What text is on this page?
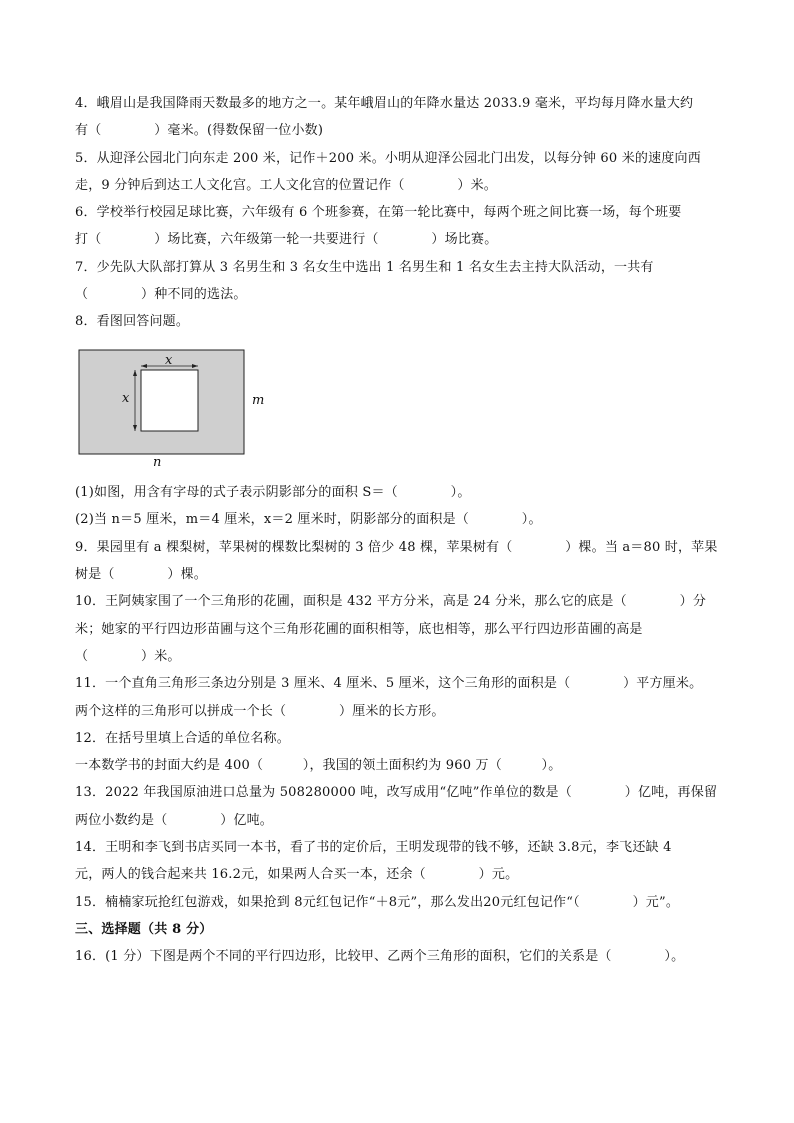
4．峨眉山是我国降雨天数最多的地方之一。某年峨眉山的年降水量达 2033.9 毫米，平均每月降水量大约
有（　　　　）毫米。(得数保留一位小数)
5．从迎泽公园北门向东走 200 米，记作＋200 米。小明从迎泽公园北门出发，以每分钟 60 米的速度向西
走，9 分钟后到达工人文化宫。工人文化宫的位置记作（　　　　）米。
6．学校举行校园足球比赛，六年级有 6 个班参赛，在第一轮比赛中，每两个班之间比赛一场，每个班要
打（　　　　）场比赛，六年级第一轮一共要进行（　　　　）场比赛。
7．少先队大队部打算从 3 名男生和 3 名女生中选出 1 名男生和 1 名女生去主持大队活动，一共有
（　　　　）种不同的选法。
8．看图回答问题。
x
x	m
n
(1)如图，用含有字母的式子表示阴影部分的面积 S＝（　　　　）。
(2)当 n＝5 厘米，m＝4 厘米，x＝2 厘米时，阴影部分的面积是（　　　　）。
9．果园里有 a 棵梨树，苹果树的棵数比梨树的 3 倍少 48 棵，苹果树有（　　　　）棵。当 a＝80 时，苹果
树是（　　　　）棵。
10．王阿姨家围了一个三角形的花圃，面积是 432 平方分米，高是 24 分米，那么它的底是（　　　　）分
米；她家的平行四边形苗圃与这个三角形花圃的面积相等，底也相等，那么平行四边形苗圃的高是
（　　　　）米。
11．一个直角三角形三条边分别是 3 厘米、4 厘米、5 厘米，这个三角形的面积是（　　　　）平方厘米。
两个这样的三角形可以拼成一个长（　　　　）厘米的长方形。
12．在括号里填上合适的单位名称。
一本数学书的封面大约是 400（　　　），我国的领土面积约为 960 万（　　　）。
13．2022 年我国原油进口总量为 508280000 吨，改写成用“亿吨”作单位的数是（　　　　）亿吨，再保留
两位小数约是（　　　　）亿吨。
14．王明和李飞到书店买同一本书，看了书的定价后，王明发现带的钱不够，还缺 3.8元，李飞还缺 4
元，两人的钱合起来共 16.2元，如果两人合买一本，还余（　　　　）元。
15．楠楠家玩抢红包游戏，如果抢到 8元红包记作“＋8元”，那么发出20元红包记作“（　　　　）元”。
三、选择题（共 8 分）
16．(1 分）下图是两个不同的平行四边形，比较甲、乙两个三角形的面积，它们的关系是（　　　　）。
